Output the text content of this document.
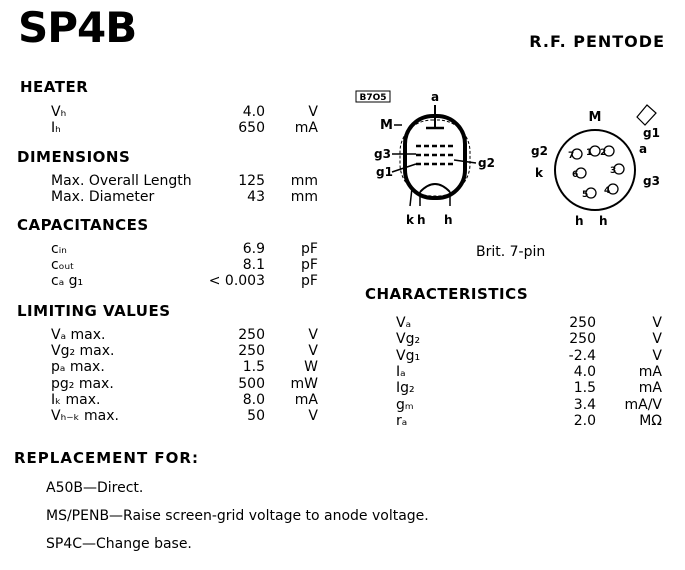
SP4B	R.F. PENTODE
HEATER
Vₕ	4.0	V
Iₕ	650 mA
DIMENSIONS
Max. Overall Length	125 mm
Max. Diameter	43 mm
CAPACITANCES
cᵢₙ	6.9	pF
cₒᵤₜ	8.1	pF
cₐ g₁	< 0.003	pF
LIMITING VALUES
Vₐ max.	250	V
Vg₂ max.	250	V
pₐ max.	1.5	W
pg₂ max.	500 mW
Iₖ max.	8.0 mA
Vₕ₋ₖ max.	50	V
CHARACTERISTICS
Vₐ	250	V
Vg₂	250	V
Vg₁	-2.4	V
Iₐ	4.0	mA
Ig₂	1.5	mA
gₘ	3.4 mA/V
rₐ	2.0	MΩ
B7O5	a
M
g3
g1
g2
k h h
M
g1
g2	a
k
g3
h h
7 1 2
3
4
5
6
Brit. 7-pin
REPLACEMENT FOR:
A50B—Direct.
MS/PENB—Raise screen-grid voltage to anode voltage.
SP4C—Change base.
